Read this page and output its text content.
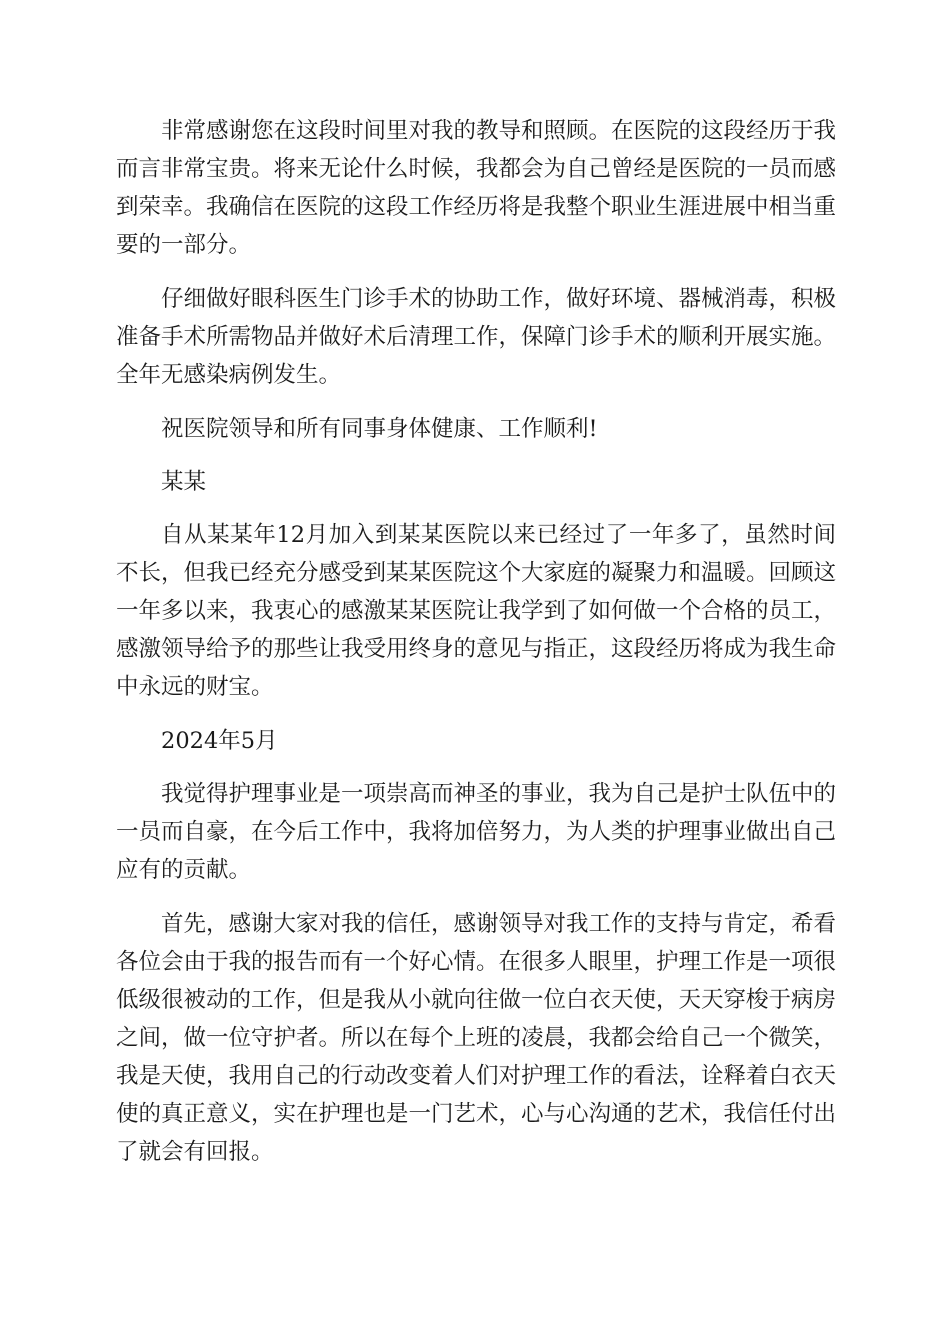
非常感谢您在这段时间里对我的教导和照顾。在医院的这段经历于我而言非常宝贵。将来无论什么时候，我都会为自己曾经是医院的一员而感到荣幸。我确信在医院的这段工作经历将是我整个职业生涯进展中相当重要的一部分。

仔细做好眼科医生门诊手术的协助工作，做好环境、器械消毒，积极准备手术所需物品并做好术后清理工作，保障门诊手术的顺利开展实施。全年无感染病例发生。

祝医院领导和所有同事身体健康、工作顺利!

某某

自从某某年12月加入到某某医院以来已经过了一年多了，虽然时间不长，但我已经充分感受到某某医院这个大家庭的凝聚力和温暖。回顾这一年多以来，我衷心的感激某某医院让我学到了如何做一个合格的员工，感激领导给予的那些让我受用终身的意见与指正，这段经历将成为我生命中永远的财宝。

2024年5月

我觉得护理事业是一项崇高而神圣的事业，我为自己是护士队伍中的一员而自豪，在今后工作中，我将加倍努力，为人类的护理事业做出自己应有的贡献。

首先，感谢大家对我的信任，感谢领导对我工作的支持与肯定，希看各位会由于我的报告而有一个好心情。在很多人眼里，护理工作是一项很低级很被动的工作，但是我从小就向往做一位白衣天使，天天穿梭于病房之间，做一位守护者。所以在每个上班的凌晨，我都会给自己一个微笑，我是天使，我用自己的行动改变着人们对护理工作的看法，诠释着白衣天使的真正意义，实在护理也是一门艺术，心与心沟通的艺术，我信任付出了就会有回报。
